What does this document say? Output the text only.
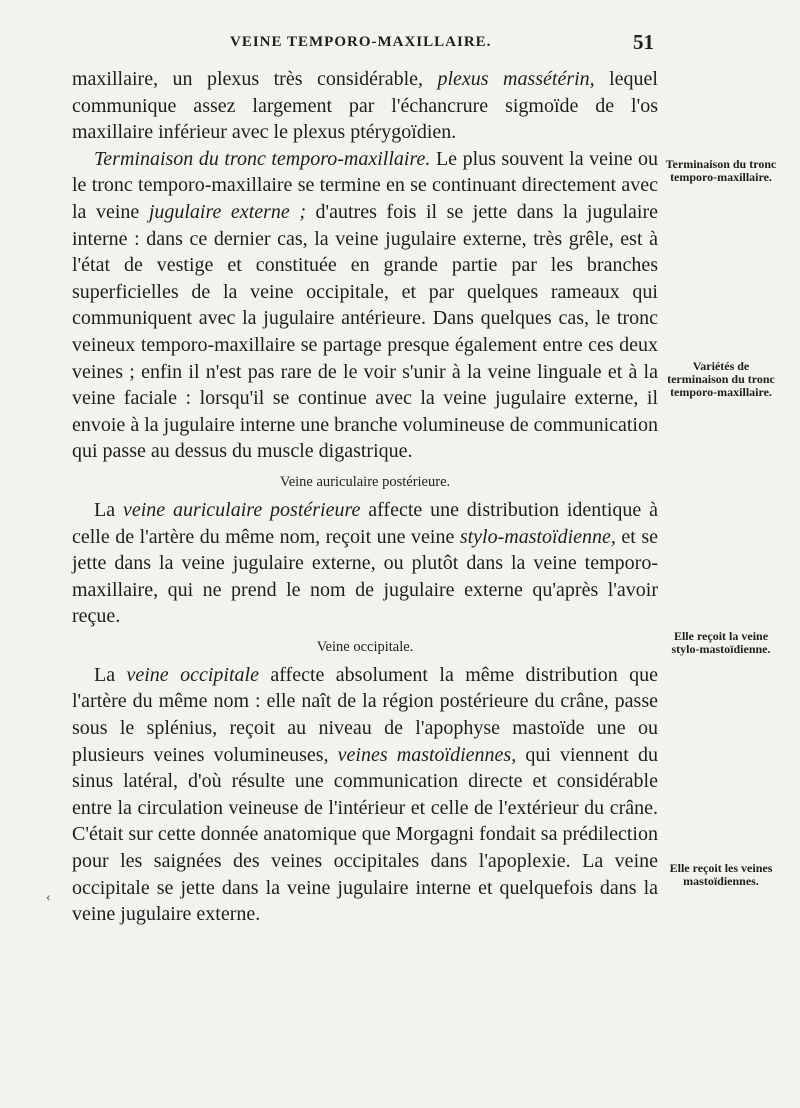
VEINE TEMPORO-MAXILLAIRE.	51

maxillaire, un plexus très considérable, plexus massétérin, lequel communique assez largement par l'échancrure sigmoïde de l'os maxillaire inférieur avec le plexus ptérygoïdien.

Terminaison du tronc temporo-maxillaire. Le plus souvent la veine ou le tronc temporo-maxillaire se termine en se continuant directement avec la veine jugulaire externe ; d'autres fois il se jette dans la jugulaire interne : dans ce dernier cas, la veine jugulaire externe, très grêle, est à l'état de vestige et constituée en grande partie par les branches superficielles de la veine occipitale, et par quelques rameaux qui communiquent avec la jugulaire antérieure. Dans quelques cas, le tronc veineux temporo-maxillaire se partage presque également entre ces deux veines ; enfin il n'est pas rare de le voir s'unir à la veine linguale et à la veine faciale : lorsqu'il se continue avec la veine jugulaire externe, il envoie à la jugulaire interne une branche volumineuse de communication qui passe au dessus du muscle digastrique.

Veine auriculaire postérieure.

La veine auriculaire postérieure affecte une distribution identique à celle de l'artère du même nom, reçoit une veine stylo-mastoïdienne, et se jette dans la veine jugulaire externe, ou plutôt dans la veine temporo-maxillaire, qui ne prend le nom de jugulaire externe qu'après l'avoir reçue.

Veine occipitale.

La veine occipitale affecte absolument la même distribution que l'artère du même nom : elle naît de la région postérieure du crâne, passe sous le splénius, reçoit au niveau de l'apophyse mastoïde une ou plusieurs veines volumineuses, veines mastoïdiennes, qui viennent du sinus latéral, d'où résulte une communication directe et considérable entre la circulation veineuse de l'intérieur et celle de l'extérieur du crâne. C'était sur cette donnée anatomique que Morgagni fondait sa prédilection pour les saignées des veines occipitales dans l'apoplexie. La veine occipitale se jette dans la veine jugulaire interne et quelquefois dans la veine jugulaire externe.

Terminaison du tronc temporo-maxillaire.
Variétés de terminaison du tronc temporo-maxillaire.
Elle reçoit la veine stylo-mastoïdienne.
Elle reçoit les veines mastoïdiennes.
‹
